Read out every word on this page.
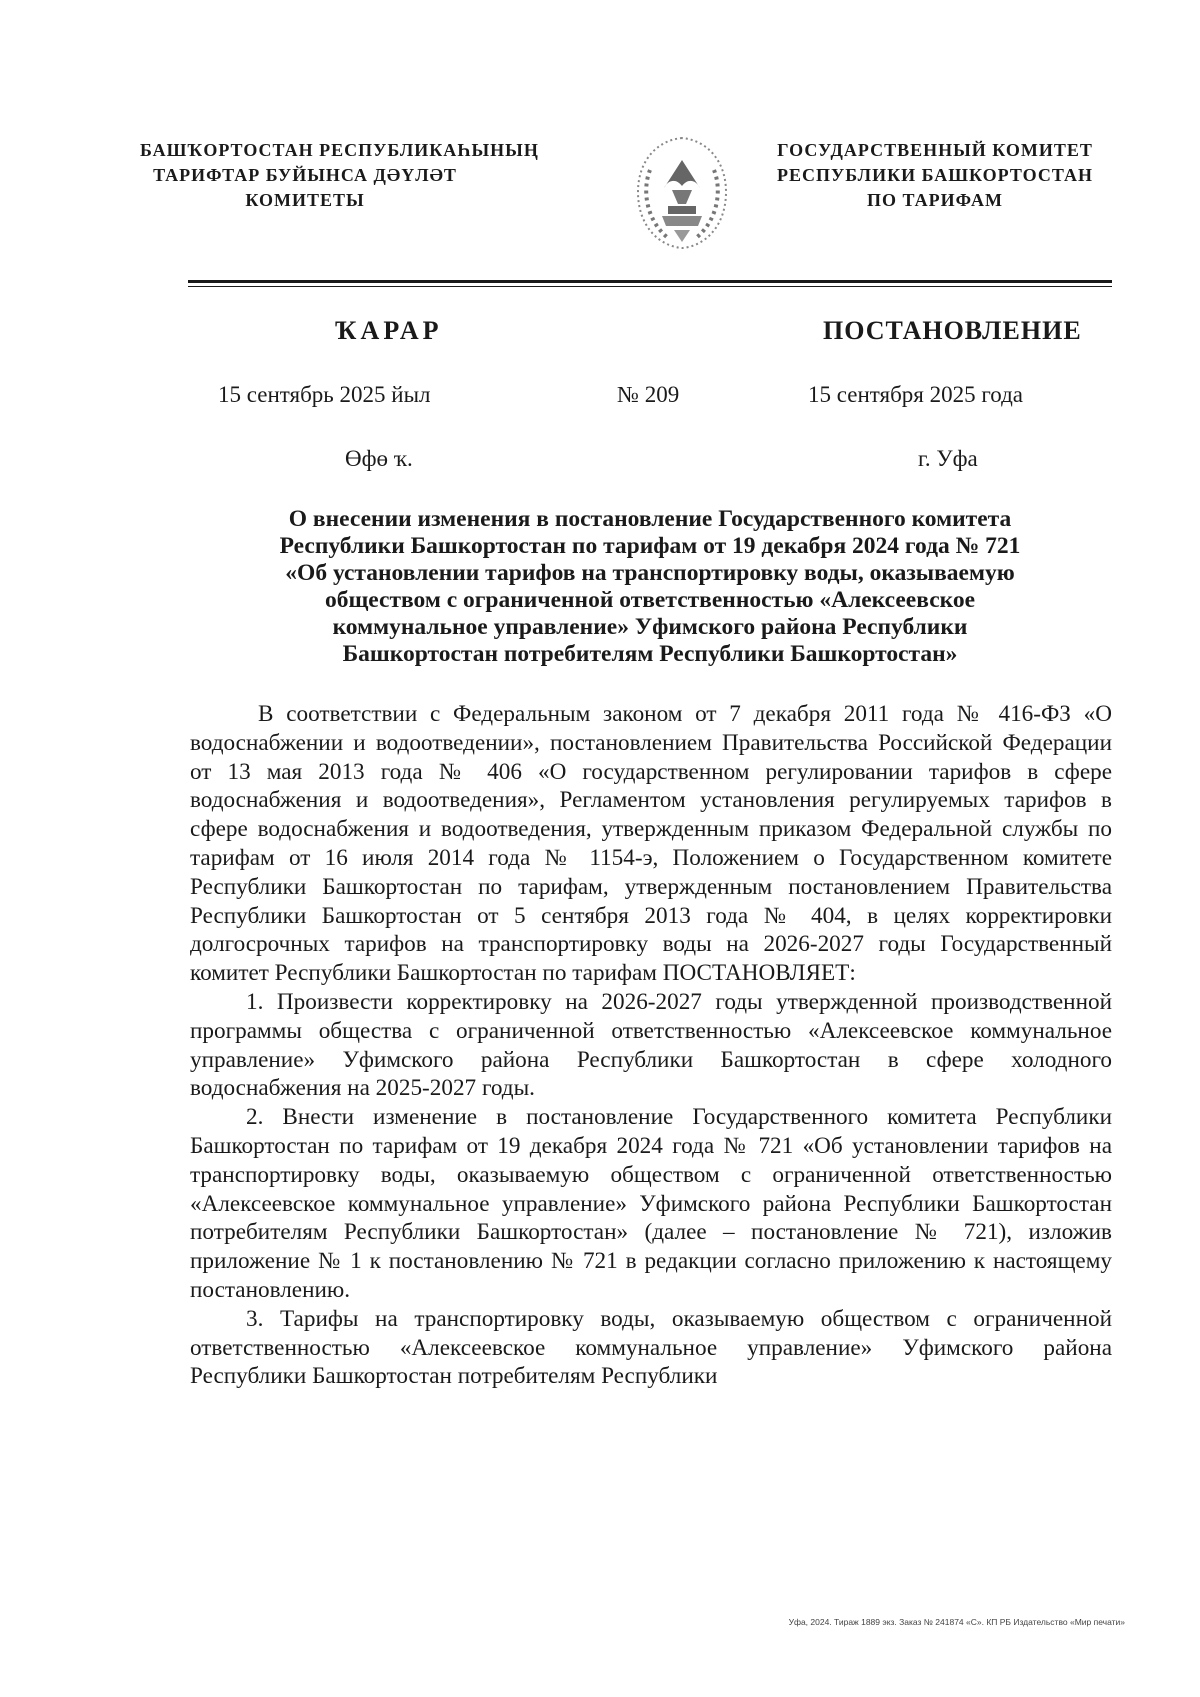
БАШҠОРТОСТАН РЕСПУБЛИКАҺЫНЫҢ
ТАРИФТАР БУЙЫНСА ДӘҮЛӘТ
КОМИТЕТЫ
ГОСУДАРСТВЕННЫЙ КОМИТЕТ
РЕСПУБЛИКИ БАШКОРТОСТАН
ПО ТАРИФАМ
ҠАРАР	ПОСТАНОВЛЕНИЕ
15 сентябрь 2025 йыл	№ 209	15 сентября 2025 года
Өфө ҡ.	г. Уфа
О внесении изменения в постановление Государственного комитета
Республики Башкортостан по тарифам от 19 декабря 2024 года № 721
«Об установлении тарифов на транспортировку воды, оказываемую
обществом с ограниченной ответственностью «Алексеевское
коммунальное управление» Уфимского района Республики
Башкортостан потребителям Республики Башкортостан»

В соответствии с Федеральным законом от 7 декабря 2011 года № 416-ФЗ «О водоснабжении и водоотведении», постановлением Правительства Российской Федерации от 13 мая 2013 года № 406 «О государственном регулировании тарифов в сфере водоснабжения и водоотведения», Регламентом установления регулируемых тарифов в сфере водоснабжения и водоотведения, утвержденным приказом Федеральной службы по тарифам от 16 июля 2014 года № 1154-э, Положением о Государственном комитете Республики Башкортостан по тарифам, утвержденным постановлением Правительства Республики Башкортостан от 5 сентября 2013 года № 404, в целях корректировки долгосрочных тарифов на транспортировку воды на 2026-2027 годы Государственный комитет Республики Башкортостан по тарифам ПОСТАНОВЛЯЕТ:

1. Произвести корректировку на 2026-2027 годы утвержденной производственной программы общества с ограниченной ответственностью «Алексеевское коммунальное управление» Уфимского района Республики Башкортостан в сфере холодного водоснабжения на 2025-2027 годы.

2. Внести изменение в постановление Государственного комитета Республики Башкортостан по тарифам от 19 декабря 2024 года № 721 «Об установлении тарифов на транспортировку воды, оказываемую обществом с ограниченной ответственностью «Алексеевское коммунальное управление» Уфимского района Республики Башкортостан потребителям Республики Башкортостан» (далее – постановление № 721), изложив приложение № 1 к постановлению № 721 в редакции согласно приложению к настоящему постановлению.

3. Тарифы на транспортировку воды, оказываемую обществом с ограниченной ответственностью «Алексеевское коммунальное управление» Уфимского района Республики Башкортостан потребителям Республики

Уфа, 2024. Тираж 1889 экз. Заказ № 241874 «С». КП РБ Издательство «Мир печати»
